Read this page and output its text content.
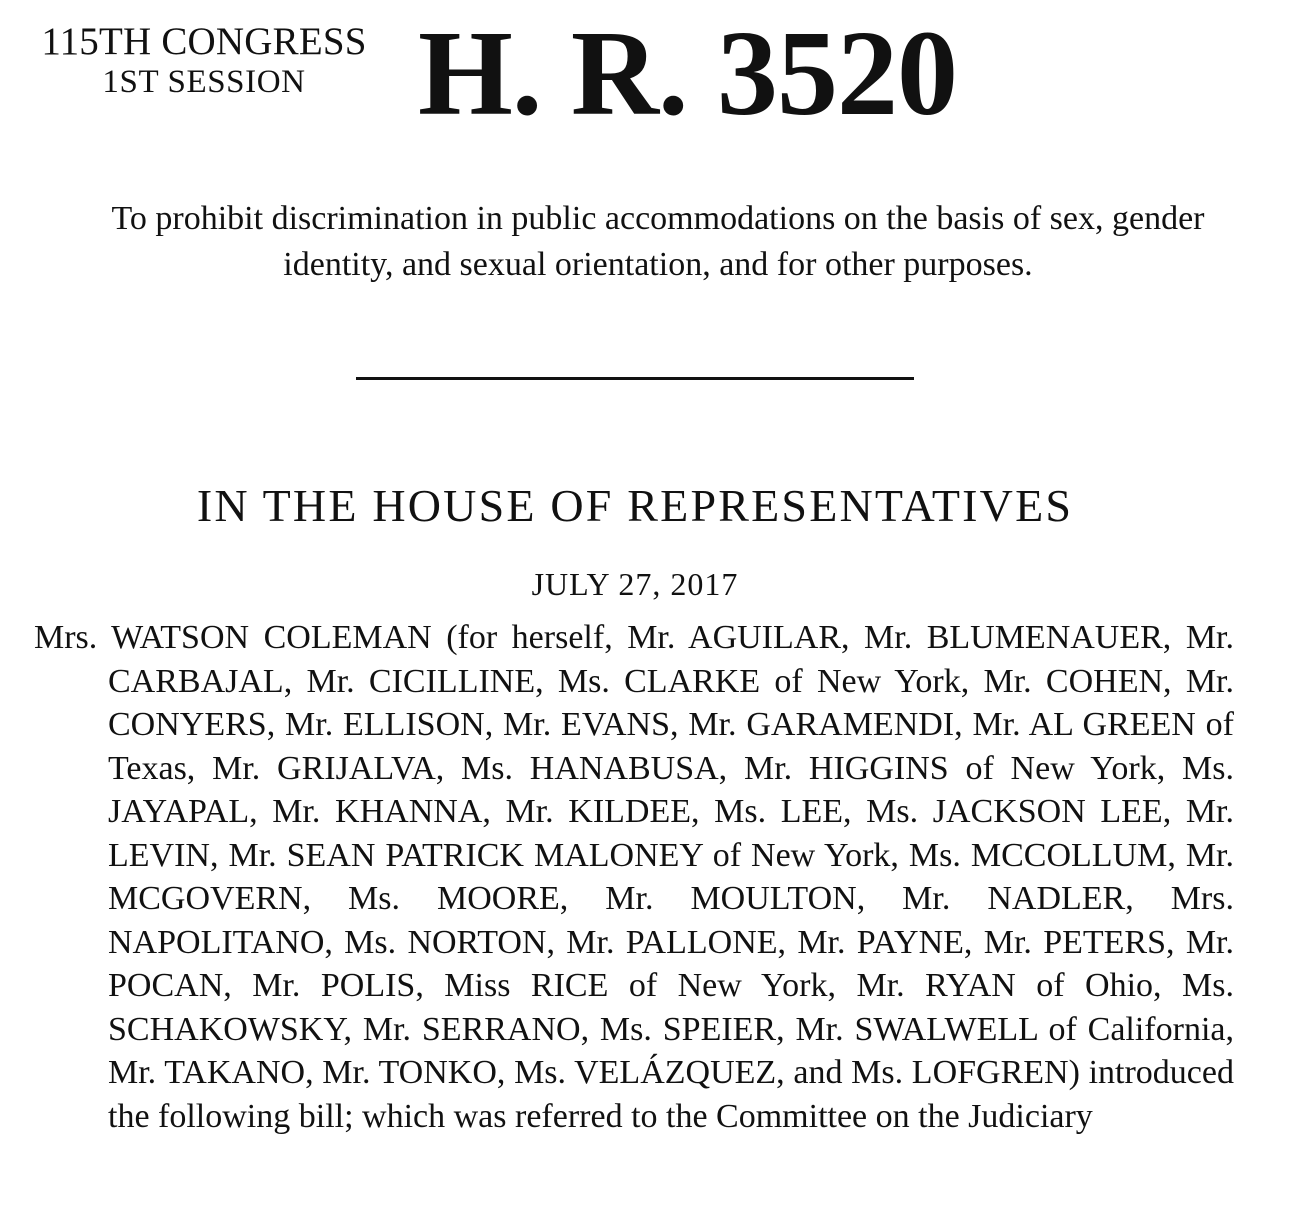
115TH CONGRESS
1ST SESSION H. R. 3520
To prohibit discrimination in public accommodations on the basis of sex, gender identity, and sexual orientation, and for other purposes.
IN THE HOUSE OF REPRESENTATIVES
JULY 27, 2017

Mrs. WATSON COLEMAN (for herself, Mr. AGUILAR, Mr. BLUMENAUER, Mr. CARBAJAL, Mr. CICILLINE, Ms. CLARKE of New York, Mr. COHEN, Mr. CONYERS, Mr. ELLISON, Mr. EVANS, Mr. GARAMENDI, Mr. AL GREEN of Texas, Mr. GRIJALVA, Ms. HANABUSA, Mr. HIGGINS of New York, Ms. JAYAPAL, Mr. KHANNA, Mr. KILDEE, Ms. LEE, Ms. JACKSON LEE, Mr. LEVIN, Mr. SEAN PATRICK MALONEY of New York, Ms. MCCOLLUM, Mr. MCGOVERN, Ms. MOORE, Mr. MOULTON, Mr. NADLER, Mrs. NAPOLITANO, Ms. NORTON, Mr. PALLONE, Mr. PAYNE, Mr. PETERS, Mr. POCAN, Mr. POLIS, Miss RICE of New York, Mr. RYAN of Ohio, Ms. SCHAKOWSKY, Mr. SERRANO, Ms. SPEIER, Mr. SWALWELL of California, Mr. TAKANO, Mr. TONKO, Ms. VELÁZQUEZ, and Ms. LOFGREN) introduced the following bill; which was referred to the Committee on the Judiciary
